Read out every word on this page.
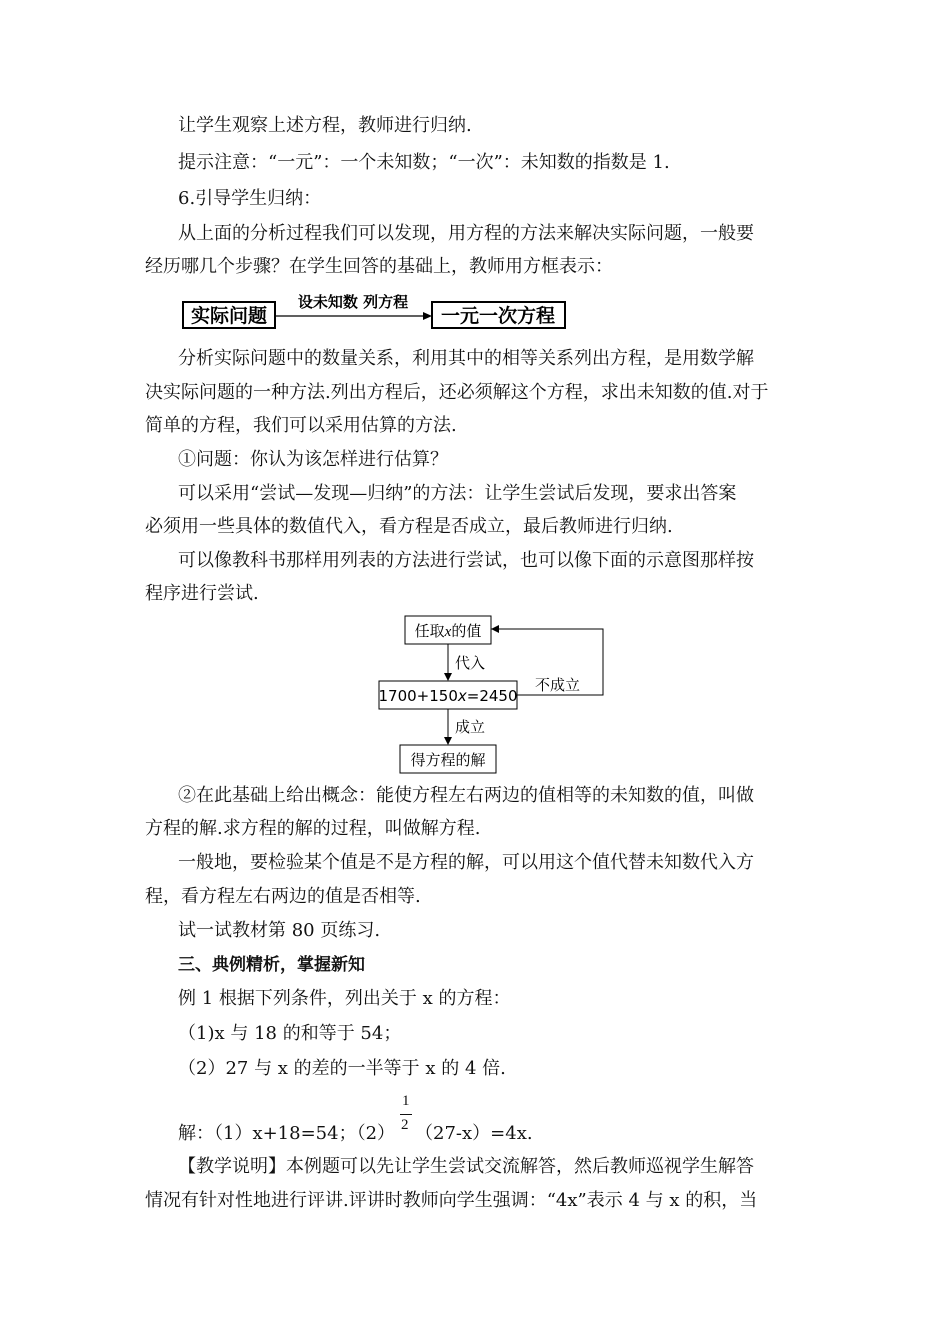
让学生观察上述方程，教师进行归纳.

提示注意：“一元”：一个未知数；“一次”：未知数的指数是 1.

6.引导学生归纳：

从上面的分析过程我们可以发现，用方程的方法来解决实际问题，一般要

经历哪几个步骤？在学生回答的基础上，教师用方框表示：

实际问题
设未知数 列方程
一元一次方程

分析实际问题中的数量关系，利用其中的相等关系列出方程，是用数学解

决实际问题的一种方法.列出方程后，还必须解这个方程，求出未知数的值.对于

简单的方程，我们可以采用估算的方法.

①问题：你认为该怎样进行估算？

可以采用“尝试—发现—归纳”的方法：让学生尝试后发现，要求出答案

必须用一些具体的数值代入，看方程是否成立，最后教师进行归纳.

可以像教科书那样用列表的方法进行尝试，也可以像下面的示意图那样按

程序进行尝试.

任取x的值
代入
1700+150x=2450
不成立
成立
得方程的解

②在此基础上给出概念：能使方程左右两边的值相等的未知数的值，叫做

方程的解.求方程的解的过程，叫做解方程.

一般地，要检验某个值是不是方程的解，可以用这个值代替未知数代入方

程，看方程左右两边的值是否相等.

试一试教材第 80 页练习.

三、典例精析，掌握新知

例 1 根据下列条件，列出关于 x 的方程：

（1)x 与 18 的和等于 54；

（2）27 与 x 的差的一半等于 x 的 4 倍.

解：（1）x+18=54；（2） （27-x）=4x.

1
2

【教学说明】本例题可以先让学生尝试交流解答，然后教师巡视学生解答

情况有针对性地进行评讲.评讲时教师向学生强调：“4x”表示 4 与 x 的积，当
